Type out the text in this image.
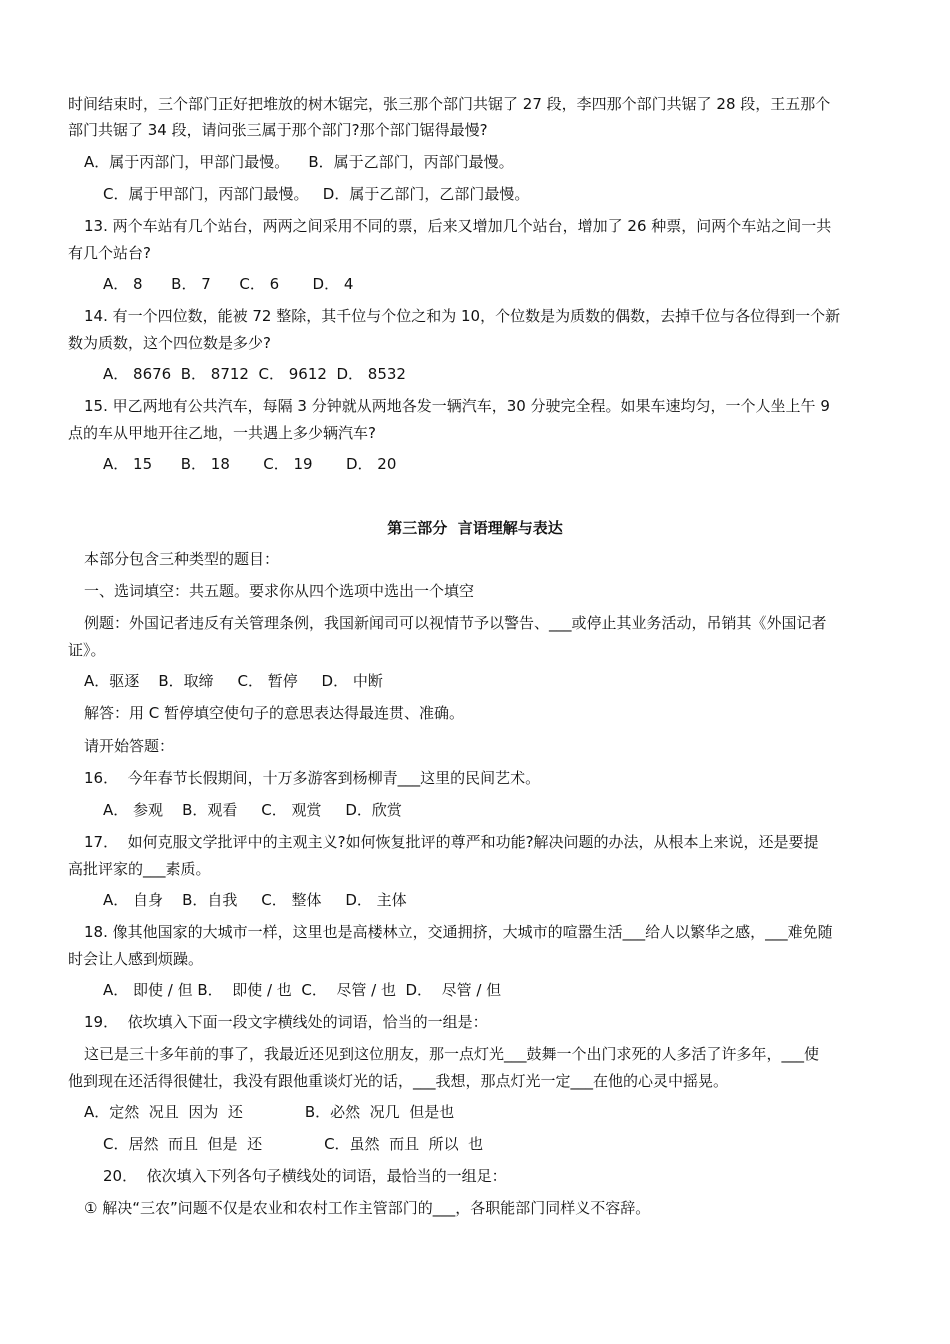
时间结束时，三个部门正好把堆放的树木锯完，张三那个部门共锯了 27 段，李四那个部门共锯了 28 段，王五那个
部门共锯了 34 段，请问张三属于那个部门?那个部门锯得最慢?
A．属于丙部门，甲部门最慢。    B．属于乙部门，丙部门最慢。
C．属于甲部门，丙部门最慢。   D．属于乙部门，乙部门最慢。
13. 两个车站有几个站台，两两之间采用不同的票，后来又增加几个站台，增加了 26 种票，问两个车站之间一共
有几个站台?
A． 8      B． 7      C． 6       D． 4
14. 有一个四位数，能被 72 整除，其千位与个位之和为 10，个位数是为质数的偶数，去掉千位与各位得到一个新
数为质数，这个四位数是多少?
A． 8676  B． 8712  C． 9612  D． 8532
15. 甲乙两地有公共汽车，每隔 3 分钟就从两地各发一辆汽车，30 分驶完全程。如果车速均匀，一个人坐上午 9
点的车从甲地开往乙地，一共遇上多少辆汽车?
A． 15      B． 18       C． 19       D． 20
第三部分  言语理解与表达
本部分包含三种类型的题目：
一、选词填空：共五题。要求你从四个选项中选出一个填空
例题：外国记者违反有关管理条例，我国新闻司可以视情节予以警告、___或停止其业务活动，吊销其《外国记者
证》。
A．驱逐    B．取缔     C． 暂停     D． 中断
解答：用 C 暂停填空使句子的意思表达得最连贯、准确。
请开始答题：
16．  今年春节长假期间，十万多游客到杨柳青___这里的民间艺术。
A． 参观    B．观看     C． 观赏     D．欣赏
17．  如何克服文学批评中的主观主义?如何恢复批评的尊严和功能?解决问题的办法，从根本上来说，还是要提
高批评家的___素质。
A． 自身    B．自我     C． 整体     D． 主体
18. 像其他国家的大城市一样，这里也是高楼林立，交通拥挤，大城市的喧嚣生活___给人以繁华之感，___难免随
时会让人感到烦躁。
A． 即使 / 但 B．  即使 / 也  C．  尽管 / 也  D．  尽管 / 但
19．  依坎填入下面一段文字横线处的词语，恰当的一组是：
这已是三十多年前的事了，我最近还见到这位朋友，那一点灯光___鼓舞一个出门求死的人多活了许多年，___使
他到现在还活得很健壮，我没有跟他重谈灯光的话，___我想，那点灯光一定___在他的心灵中摇晃。
A．定然  况且  因为  还             B．必然  况几  但是也
C．居然  而且  但是  还             C．虽然  而且  所以  也
20．  依次填入下列各句子横线处的词语，最恰当的一组足：
① 解决“三农”问题不仅是农业和农村工作主管部门的___，各职能部门同样义不容辞。
